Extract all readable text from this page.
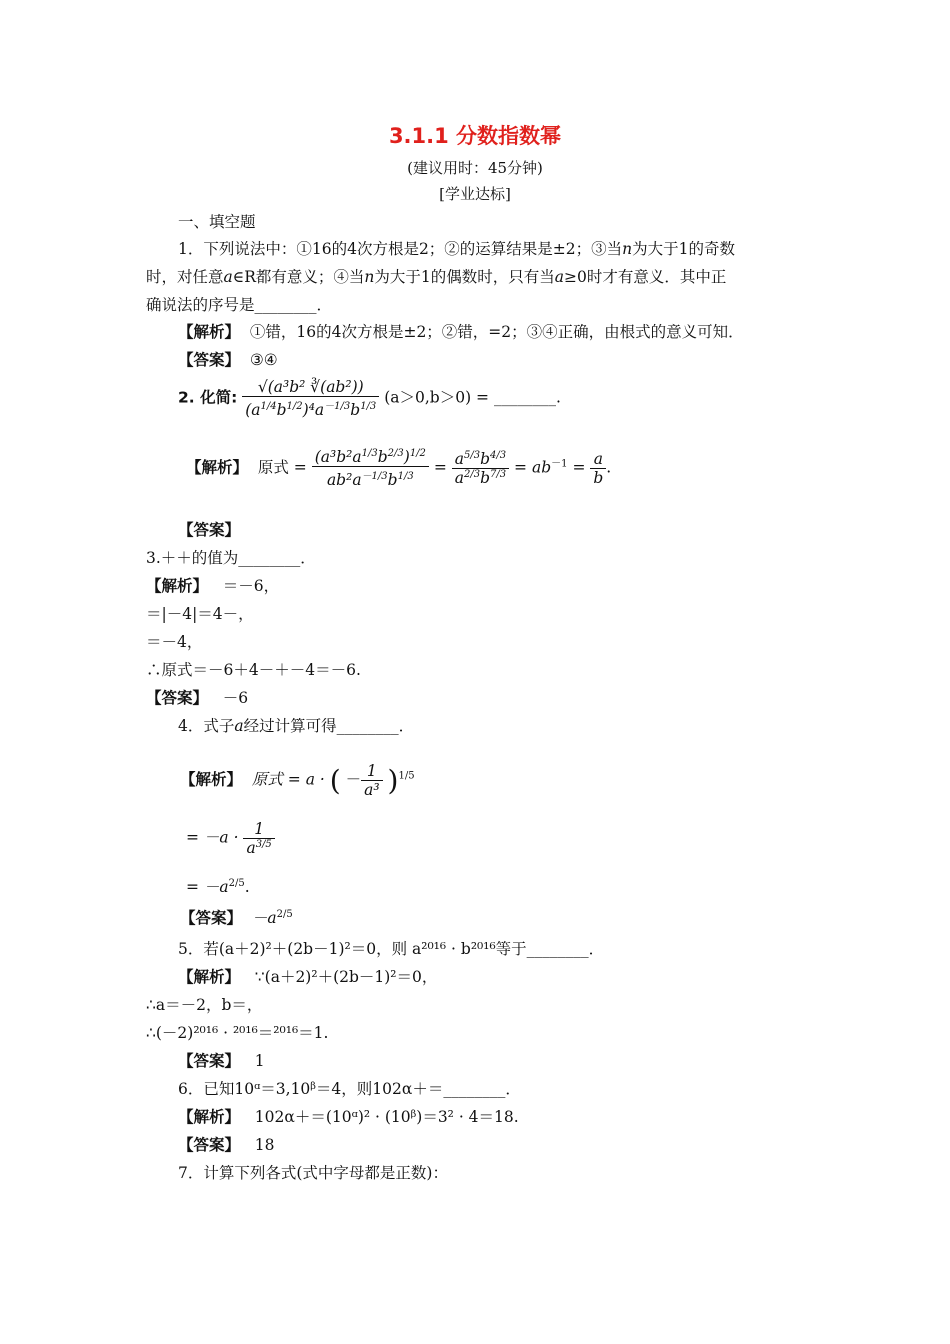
3.1.1 分数指数幂
(建议用时：45分钟)
[学业达标]
一、填空题
1．下列说法中：①16的4次方根是2；②的运算结果是±2；③当n为大于1的奇数
时，对任意a∈R都有意义；④当n为大于1的偶数时，只有当a≥0时才有意义．其中正
确说法的序号是________．
【解析】 ①错，16的4次方根是±2；②错，=2；③④正确，由根式的意义可知．
【答案】 ③④
2. 化简: $\frac{\text{√(a³b² ∛(ab²))}}{(a^{1/4}b^{1/2})^4a^{-1/3}b^{1/3}} (a>0,b>0)$ = ________.
【解析】 原式 = $\frac{(a^3b^2a^{1/3}b^{2/3})^{1/2}}{ab^2a^{-1/3}b^{1/3}} = \frac{a^{5/3}b^{4/3}}{a^{2/3}b^{7/3}} = ab^{-1} = \frac{a}{b}$ .
【答案】
3.＋＋的值为________．
【解析】 ＝－6，
＝|－4|＝4－，
＝－4，
∴原式＝－6＋4－＋－4＝－6.
【答案】 －6
4．式子a经过计算可得________．
【解析】 原式 = a · ( － $\frac{1}{\text{a³}} )^{1/5}$
= $-a \cdot \frac{1}{a^{3/5}}$
= $-a^{2/5}$.
【答案】 $-a^{2/5}$
5．若(a＋2)²＋(2b－1)²＝0，则 a²⁰¹⁶ · b²⁰¹⁶等于________．
【解析】 ∵(a＋2)²＋(2b－1)²＝0，
∴a＝－2，b＝，
∴(－2)²⁰¹⁶ · ²⁰¹⁶＝²⁰¹⁶＝1.
【答案】 1
6．已知10ᵅ＝3,10ᵝ＝4，则102α＋＝________．
【解析】 102α＋＝(10ᵅ)² · (10ᵝ)＝3² · 4＝18.
【答案】 18
7．计算下列各式(式中字母都是正数)：
